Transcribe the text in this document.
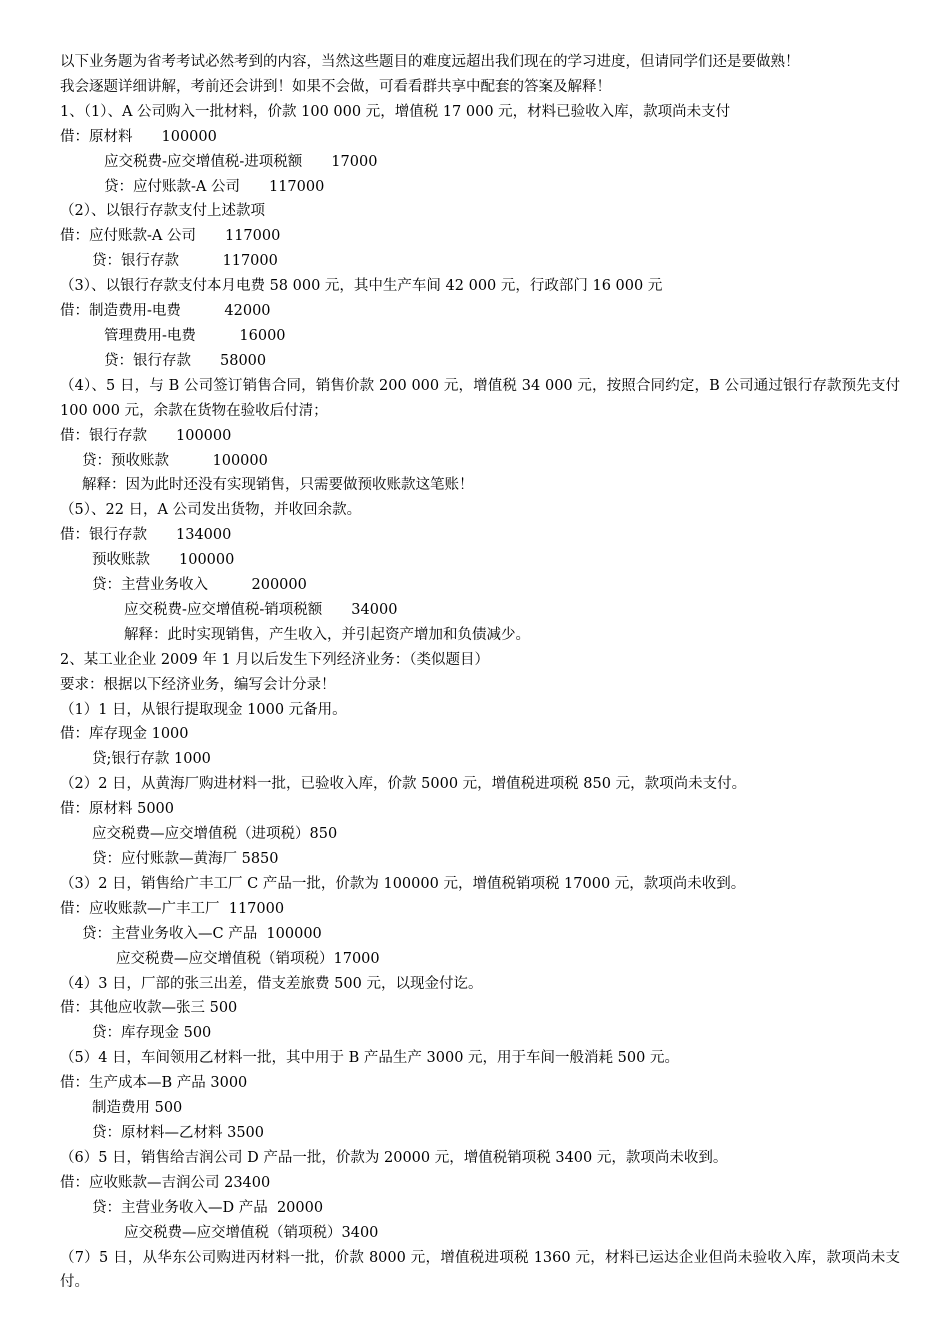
以下业务题为省考考试必然考到的内容，当然这些题目的难度远超出我们现在的学习进度，但请同学们还是要做熟！
我会逐题详细讲解，考前还会讲到！如果不会做，可看看群共享中配套的答案及解释！
1、（1）、A 公司购入一批材料，价款 100 000 元，增值税 17 000 元，材料已验收入库，款项尚未支付
借：原材料　　100000
应交税费-应交增值税-进项税额　　17000
贷：应付账款-A 公司　　117000
（2）、以银行存款支付上述款项
借：应付账款-A 公司　　117000
贷：银行存款　　　117000
（3）、以银行存款支付本月电费 58 000 元，其中生产车间 42 000 元，行政部门 16 000 元
借：制造费用-电费　　　42000
管理费用-电费　　　16000
贷：银行存款　　58000
（4）、5 日，与 B 公司签订销售合同，销售价款 200 000 元，增值税 34 000 元，按照合同约定，B 公司通过银行存款预先支付 100 000 元，余款在货物在验收后付清；
借：银行存款　　100000
贷：预收账款　　　100000
解释：因为此时还没有实现销售，只需要做预收账款这笔账！
（5）、22 日，A 公司发出货物，并收回余款。
借：银行存款　　134000
预收账款　　100000
贷：主营业务收入　　　200000
应交税费-应交增值税-销项税额　　34000
解释：此时实现销售，产生收入，并引起资产增加和负债减少。
2、某工业企业 2009 年 1 月以后发生下列经济业务：（类似题目）
要求：根据以下经济业务，编写会计分录！
（1）1 日，从银行提取现金 1000 元备用。
借：库存现金 1000
贷;银行存款 1000
（2）2 日，从黄海厂购进材料一批，已验收入库，价款 5000 元，增值税进项税 850 元，款项尚未支付。
借：原材料 5000
应交税费—应交增值税（进项税）850
贷：应付账款—黄海厂 5850
（3）2 日，销售给广丰工厂 C 产品一批，价款为 100000 元，增值税销项税 17000 元，款项尚未收到。
借：应收账款—广丰工厂  117000
贷：主营业务收入—C 产品  100000
应交税费—应交增值税（销项税）17000
（4）3 日，厂部的张三出差，借支差旅费 500 元，以现金付讫。
借：其他应收款—张三 500
贷：库存现金 500
（5）4 日，车间领用乙材料一批，其中用于 B 产品生产 3000 元，用于车间一般消耗 500 元。
借：生产成本—B 产品 3000
制造费用 500
贷：原材料—乙材料 3500
（6）5 日，销售给吉润公司 D 产品一批，价款为 20000 元，增值税销项税 3400 元，款项尚未收到。
借：应收账款—吉润公司 23400
贷：主营业务收入—D 产品  20000
应交税费—应交增值税（销项税）3400
（7）5 日，从华东公司购进丙材料一批，价款 8000 元，增值税进项税 1360 元，材料已运达企业但尚未验收入库，款项尚未支付。
